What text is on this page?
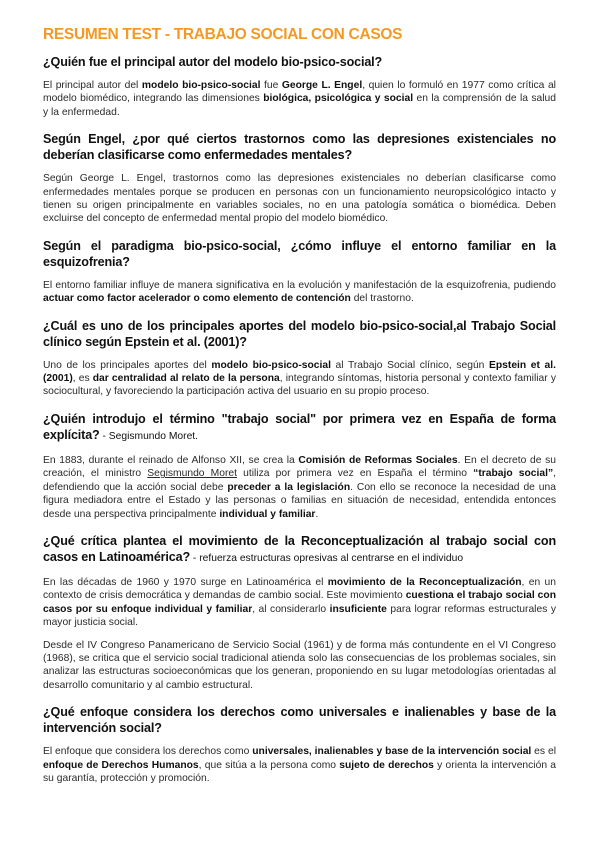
RESUMEN TEST - TRABAJO SOCIAL CON CASOS
¿Quién fue el principal autor del modelo bio-psico-social?
El principal autor del modelo bio-psico-social fue George L. Engel, quien lo formuló en 1977 como crítica al modelo biomédico, integrando las dimensiones biológica, psicológica y social en la comprensión de la salud y la enfermedad.
Según Engel, ¿por qué ciertos trastornos como las depresiones existenciales no deberían clasificarse como enfermedades mentales?
Según George L. Engel, trastornos como las depresiones existenciales no deberían clasificarse como enfermedades mentales porque se producen en personas con un funcionamiento neuropsicológico intacto y tienen su origen principalmente en variables sociales, no en una patología somática o biomédica. Deben excluirse del concepto de enfermedad mental propio del modelo biomédico.
Según el paradigma bio-psico-social, ¿cómo influye el entorno familiar en la esquizofrenia?
El entorno familiar influye de manera significativa en la evolución y manifestación de la esquizofrenia, pudiendo actuar como factor acelerador o como elemento de contención del trastorno.
¿Cuál es uno de los principales aportes del modelo bio-psico-social,al Trabajo Social clínico según Epstein et al. (2001)?
Uno de los principales aportes del modelo bio-psico-social al Trabajo Social clínico, según Epstein et al. (2001), es dar centralidad al relato de la persona, integrando síntomas, historia personal y contexto familiar y sociocultural, y favoreciendo la participación activa del usuario en su propio proceso.
¿Quién introdujo el término "trabajo social" por primera vez en España de forma explícita? - Segismundo Moret.
En 1883, durante el reinado de Alfonso XII, se crea la Comisión de Reformas Sociales. En el decreto de su creación, el ministro Segismundo Moret utiliza por primera vez en España el término “trabajo social”, defendiendo que la acción social debe preceder a la legislación. Con ello se reconoce la necesidad de una figura mediadora entre el Estado y las personas o familias en situación de necesidad, entendida entonces desde una perspectiva principalmente individual y familiar.
¿Qué crítica plantea el movimiento de la Reconceptualización al trabajo social con casos en Latinoamérica? - refuerza estructuras opresivas al centrarse en el individuo
En las décadas de 1960 y 1970 surge en Latinoamérica el movimiento de la Reconceptualización, en un contexto de crisis democrática y demandas de cambio social. Este movimiento cuestiona el trabajo social con casos por su enfoque individual y familiar, al considerarlo insuficiente para lograr reformas estructurales y mayor justicia social.
Desde el IV Congreso Panamericano de Servicio Social (1961) y de forma más contundente en el VI Congreso (1968), se critica que el servicio social tradicional atienda solo las consecuencias de los problemas sociales, sin analizar las estructuras socioeconómicas que los generan, proponiendo en su lugar metodologías orientadas al desarrollo comunitario y al cambio estructural.
¿Qué enfoque considera los derechos como universales e inalienables y base de la intervención social?
El enfoque que considera los derechos como universales, inalienables y base de la intervención social es el enfoque de Derechos Humanos, que sitúa a la persona como sujeto de derechos y orienta la intervención a su garantía, protección y promoción.
